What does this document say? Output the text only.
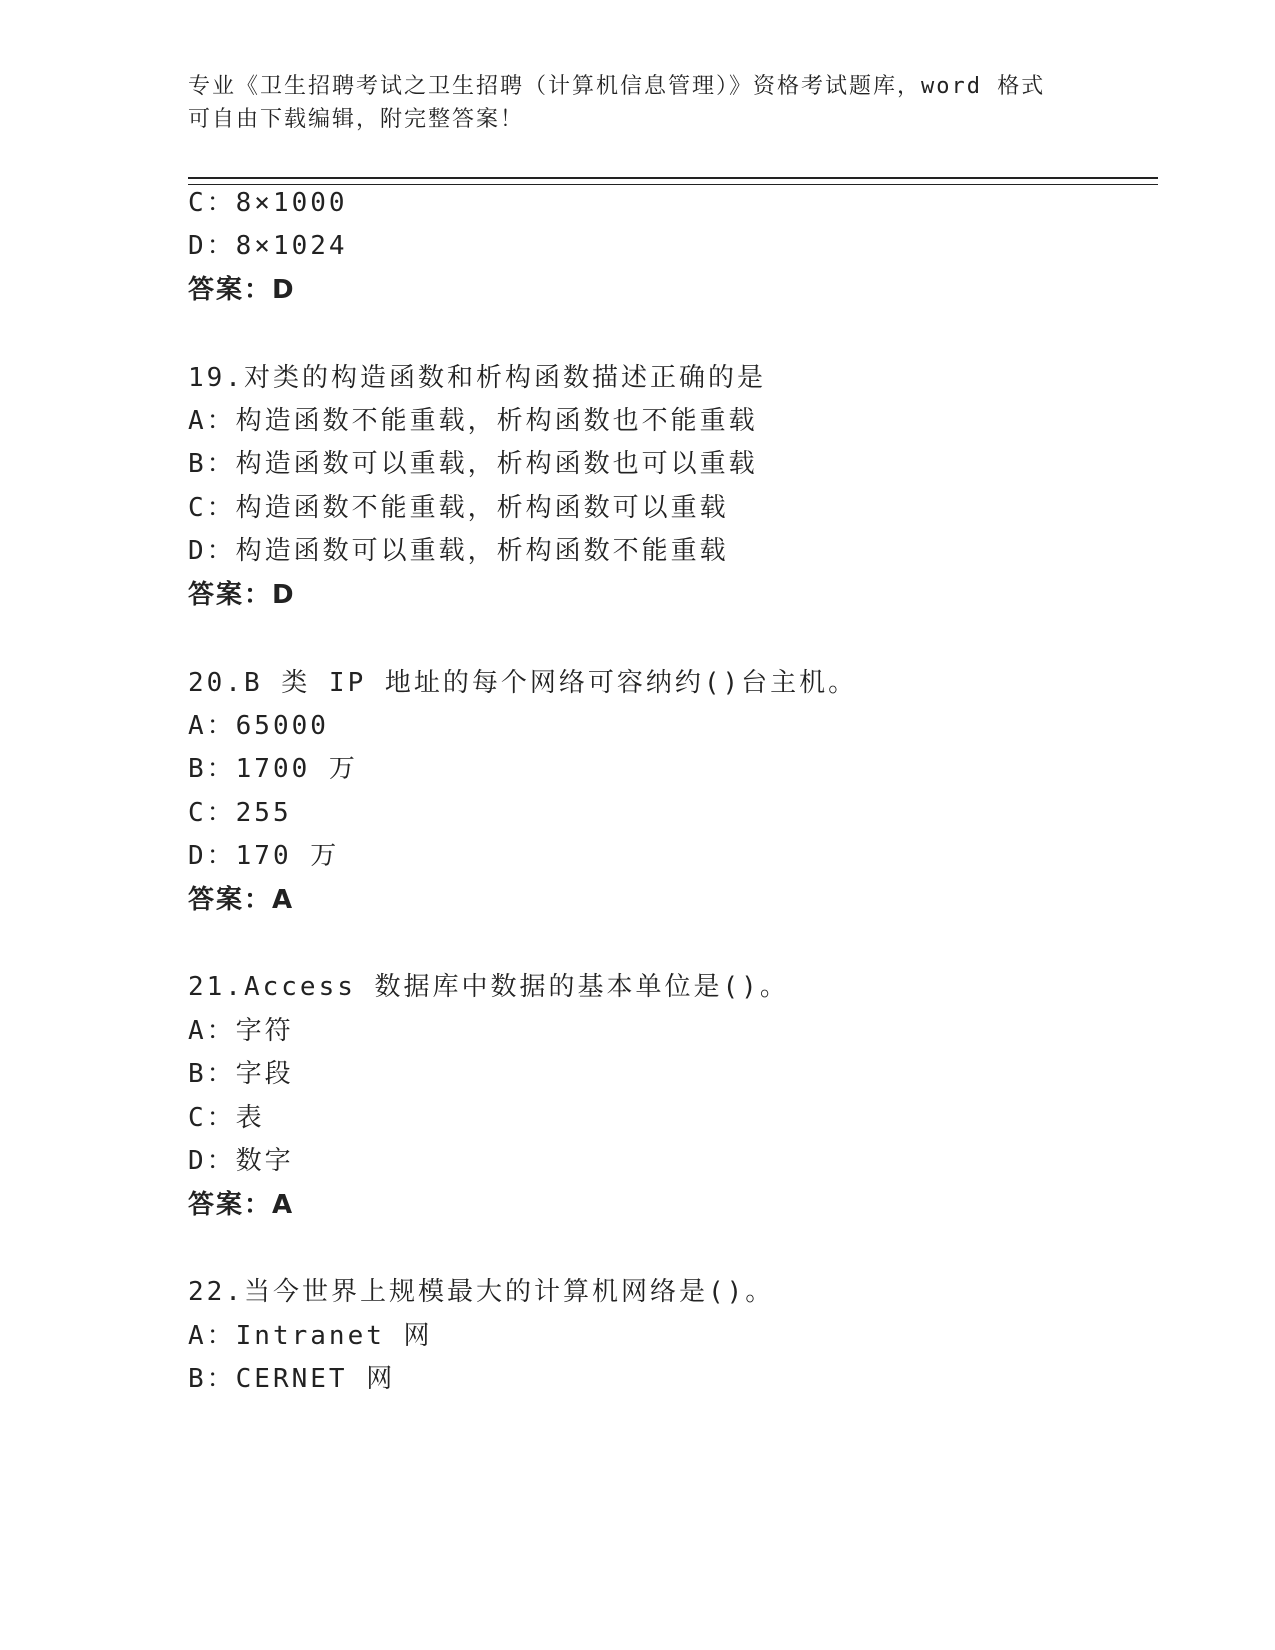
专业《卫生招聘考试之卫生招聘（计算机信息管理）》资格考试题库，word 格式
可自由下载编辑，附完整答案！
C：8×1000
D：8×1024
答案：D
19.对类的构造函数和析构函数描述正确的是
A：构造函数不能重载，析构函数也不能重载
B：构造函数可以重载，析构函数也可以重载
C：构造函数不能重载，析构函数可以重载
D：构造函数可以重载，析构函数不能重载
答案：D
20.B 类 IP 地址的每个网络可容纳约()台主机。
A：65000
B：1700 万
C：255
D：170 万
答案：A
21.Access 数据库中数据的基本单位是()。
A：字符
B：字段
C：表
D：数字
答案：A
22.当今世界上规模最大的计算机网络是()。
A：Intranet 网
B：CERNET 网
